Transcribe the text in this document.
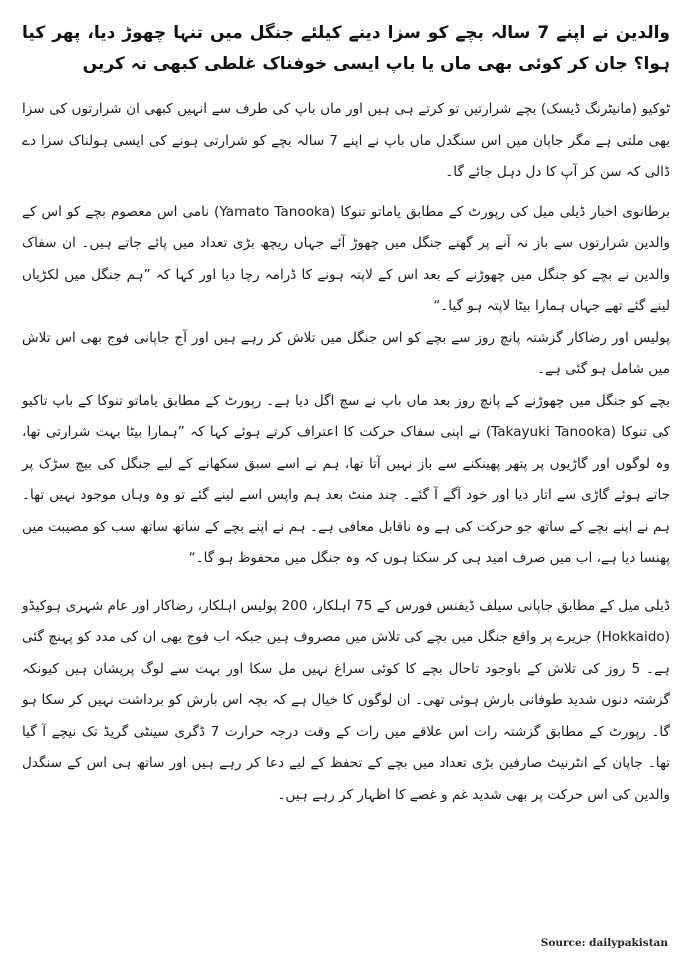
والدین نے اپنے 7 سالہ بچے کو سزا دینے کیلئے جنگل میں تنہا چھوڑ دیا، پھر کیا ہوا؟ جان کر کوئی بھی ماں یا باپ ایسی خوفناک غلطی کبھی نہ کریں

ٹوکیو (مانیٹرنگ ڈیسک) بچے شرارتیں تو کرتے ہی ہیں اور ماں باپ کی طرف سے انہیں کبھی ان شرارتوں کی سزا بھی ملتی ہے مگر جاپان میں اس سنگدل ماں باپ نے اپنے 7 سالہ بچے کو شرارتی ہونے کی ایسی ہولناک سزا دے ڈالی کہ سن کر آپ کا دل دہل جائے گا۔

برطانوی اخبار ڈیلی میل کی رپورٹ کے مطابق یاماتو تنوکا (Yamato Tanooka) نامی اس معصوم بچے کو اس کے والدین شرارتوں سے باز نہ آنے پر گھنے جنگل میں چھوڑ آئے جہاں ریچھ بڑی تعداد میں پائے جاتے ہیں۔ ان سفاک والدین نے بچے کو جنگل میں چھوڑنے کے بعد اس کے لاپتہ ہونے کا ڈرامہ رچا دیا اور کہا کہ ”ہم جنگل میں لکڑیاں لینے گئے تھے جہاں ہمارا بیٹا لاپتہ ہو گیا۔“

پولیس اور رضاکار گزشتہ پانچ روز سے بچے کو اس جنگل میں تلاش کر رہے ہیں اور آج جاپانی فوج بھی اس تلاش میں شامل ہو گئی ہے۔

بچے کو جنگل میں چھوڑنے کے پانچ روز بعد ماں باپ نے سچ اگل دیا ہے۔ رپورٹ کے مطابق یاماتو تنوکا کے باپ تاکیو کی تنوکا (Takayuki Tanooka) نے اپنی سفاک حرکت کا اعتراف کرتے ہوئے کہا کہ ”ہمارا بیٹا بہت شرارتی تھا، وہ لوگوں اور گاڑیوں پر پتھر پھینکنے سے باز نہیں آتا تھا، ہم نے اسے سبق سکھانے کے لیے جنگل کی بیچ سڑک پر جاتے ہوئے گاڑی سے اتار دیا اور خود آگے آ گئے۔ چند منٹ بعد ہم واپس اسے لینے گئے تو وہ وہاں موجود نہیں تھا۔ ہم نے اپنے بچے کے ساتھ جو حرکت کی ہے وہ ناقابل معافی ہے۔ ہم نے اپنے بچے کے ساتھ ساتھ سب کو مصیبت میں پھنسا دیا ہے، اب میں صرف امید ہی کر سکتا ہوں کہ وہ جنگل میں محفوظ ہو گا۔“

ڈیلی میل کے مطابق جاپانی سیلف ڈیفنس فورس کے 75 اہلکار، 200 پولیس اہلکار، رضاکار اور عام شہری ہوکیڈو (Hokkaido) جزیرے پر واقع جنگل میں بچے کی تلاش میں مصروف ہیں جبکہ اب فوج بھی ان کی مدد کو پہنچ گئی ہے۔ 5 روز کی تلاش کے باوجود تاحال بچے کا کوئی سراغ نہیں مل سکا اور بہت سے لوگ پریشان ہیں کیونکہ گزشتہ دنوں شدید طوفانی بارش ہوئی تھی۔ ان لوگوں کا خیال ہے کہ بچہ اس بارش کو برداشت نہیں کر سکا ہو گا۔ رپورٹ کے مطابق گزشتہ رات اس علاقے میں رات کے وقت درجہ حرارت 7 ڈگری سینٹی گریڈ تک نیچے آ گیا تھا۔ جاپان کے انٹرنیٹ صارفین بڑی تعداد میں بچے کے تحفظ کے لیے دعا کر رہے ہیں اور ساتھ ہی اس کے سنگدل والدین کی اس حرکت پر بھی شدید غم و غصے کا اظہار کر رہے ہیں۔

Source: dailypakistan
